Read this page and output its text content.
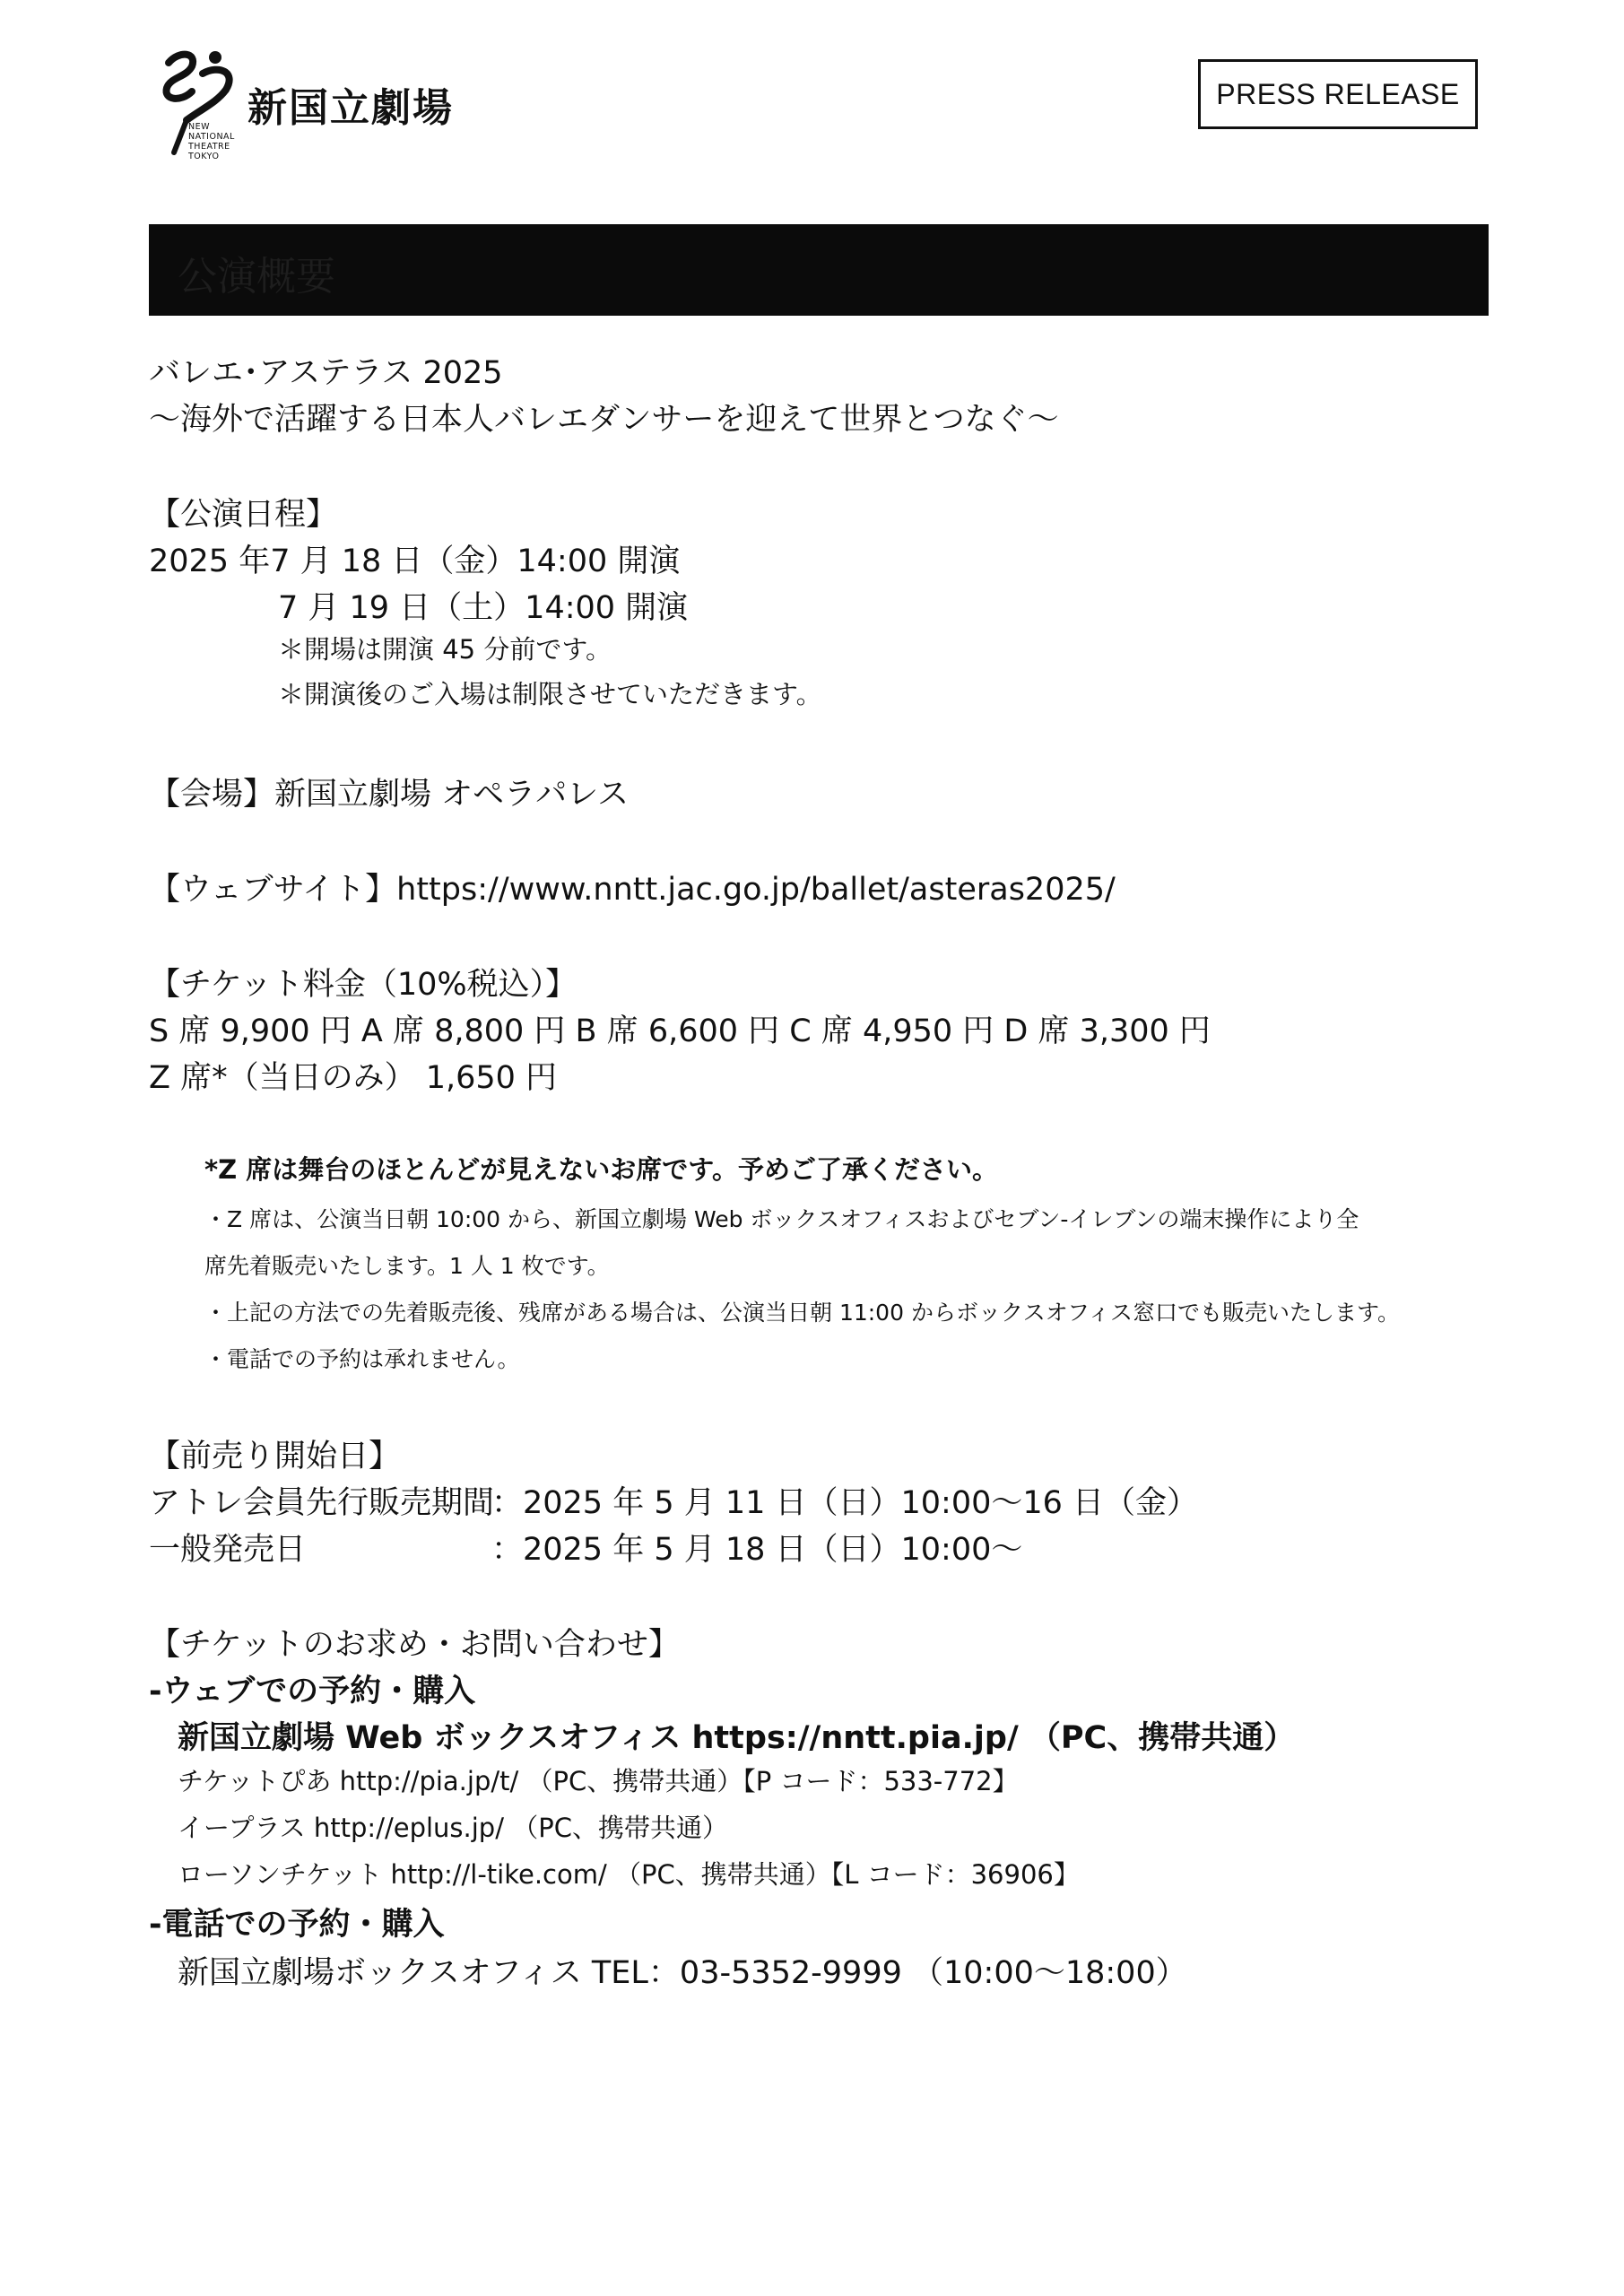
新国立劇場
NEW
NATIONAL
THEATRE
TOKYO
PRESS RELEASE
公演概要
バレエ･アステラス 2025
～海外で活躍する日本人バレエダンサーを迎えて世界とつなぐ～
【公演日程】
2025 年7 月 18 日（金）14:00 開演
7 月 19 日（土）14:00 開演
＊開場は開演 45 分前です。
＊開演後のご入場は制限させていただきます。
【会場】新国立劇場 オペラパレス
【ウェブサイト】https://www.nntt.jac.go.jp/ballet/asteras2025/
【チケット料金（10%税込）】
S 席 9,900 円 A 席 8,800 円 B 席 6,600 円 C 席 4,950 円 D 席 3,300 円
Z 席*（当日のみ） 1,650 円
*Z 席は舞台のほとんどが見えないお席です。予めご了承ください。
・Z 席は、公演当日朝 10:00 から、新国立劇場 Web ボックスオフィスおよびセブン-イレブンの端末操作により全
席先着販売いたします。1 人 1 枚です。
・上記の方法での先着販売後、残席がある場合は、公演当日朝 11:00 からボックスオフィス窓口でも販売いたします。
・電話での予約は承れません。
【前売り開始日】
アトレ会員先行販売期間
：2025 年 5 月 11 日（日）10:00～16 日（金）
一般発売日	：2025 年 5 月 18 日（日）10:00～
【チケットのお求め・お問い合わせ】
-ウェブでの予約・購入
新国立劇場 Web ボックスオフィス https://nntt.pia.jp/ （PC、携帯共通）
チケットぴあ http://pia.jp/t/ （PC、携帯共通）【P コード：533-772】
イープラス http://eplus.jp/ （PC、携帯共通）
ローソンチケット http://l-tike.com/ （PC、携帯共通）【L コード：36906】
-電話での予約・購入
新国立劇場ボックスオフィス TEL：03-5352-9999 （10:00～18:00）
